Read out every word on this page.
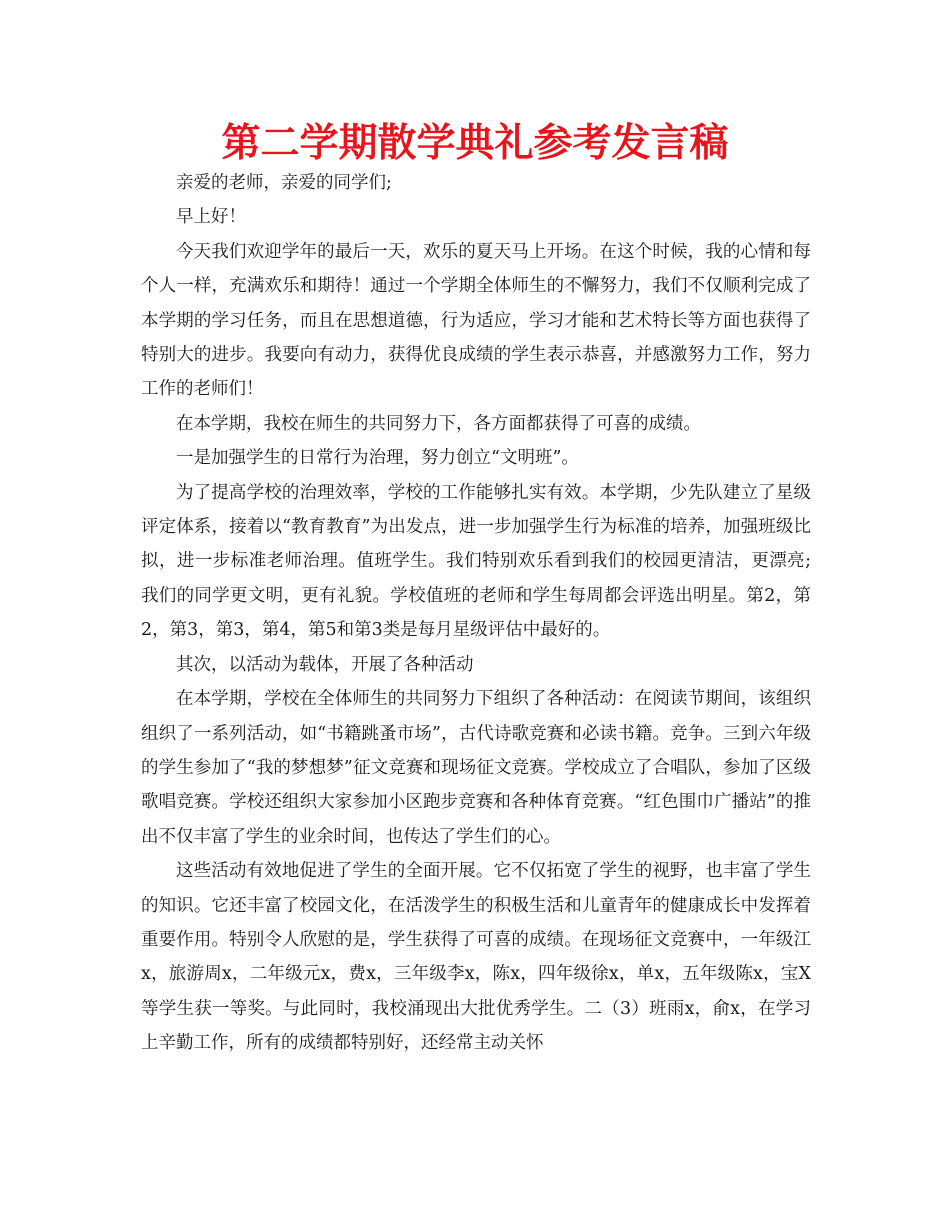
第二学期散学典礼参考发言稿

亲爱的老师，亲爱的同学们;

早上好！

今天我们欢迎学年的最后一天，欢乐的夏天马上开场。在这个时候，我的心情和每个人一样，充满欢乐和期待！通过一个学期全体师生的不懈努力，我们不仅顺利完成了本学期的学习任务，而且在思想道德，行为适应，学习才能和艺术特长等方面也获得了特别大的进步。我要向有动力，获得优良成绩的学生表示恭喜，并感激努力工作，努力工作的老师们！

在本学期，我校在师生的共同努力下，各方面都获得了可喜的成绩。

一是加强学生的日常行为治理，努力创立“文明班”。

为了提高学校的治理效率，学校的工作能够扎实有效。本学期，少先队建立了星级评定体系，接着以“教育教育”为出发点，进一步加强学生行为标准的培养，加强班级比拟，进一步标准老师治理。值班学生。我们特别欢乐看到我们的校园更清洁，更漂亮;我们的同学更文明，更有礼貌。学校值班的老师和学生每周都会评选出明星。第2，第2，第3，第3，第4，第5和第3类是每月星级评估中最好的。

其次，以活动为载体，开展了各种活动

在本学期，学校在全体师生的共同努力下组织了各种活动：在阅读节期间，该组织组织了一系列活动，如“书籍跳蚤市场”，古代诗歌竞赛和必读书籍。竞争。三到六年级的学生参加了“我的梦想梦”征文竞赛和现场征文竞赛。学校成立了合唱队，参加了区级歌唱竞赛。学校还组织大家参加小区跑步竞赛和各种体育竞赛。“红色围巾广播站”的推出不仅丰富了学生的业余时间，也传达了学生们的心。

这些活动有效地促进了学生的全面开展。它不仅拓宽了学生的视野，也丰富了学生的知识。它还丰富了校园文化，在活泼学生的积极生活和儿童青年的健康成长中发挥着重要作用。特别令人欣慰的是，学生获得了可喜的成绩。在现场征文竞赛中，一年级江x，旅游周x，二年级元x，费x，三年级李x，陈x，四年级徐x，单x，五年级陈x，宝X等学生获一等奖。与此同时，我校涌现出大批优秀学生。二（3）班雨x，俞x，在学习上辛勤工作，所有的成绩都特别好，还经常主动关怀
